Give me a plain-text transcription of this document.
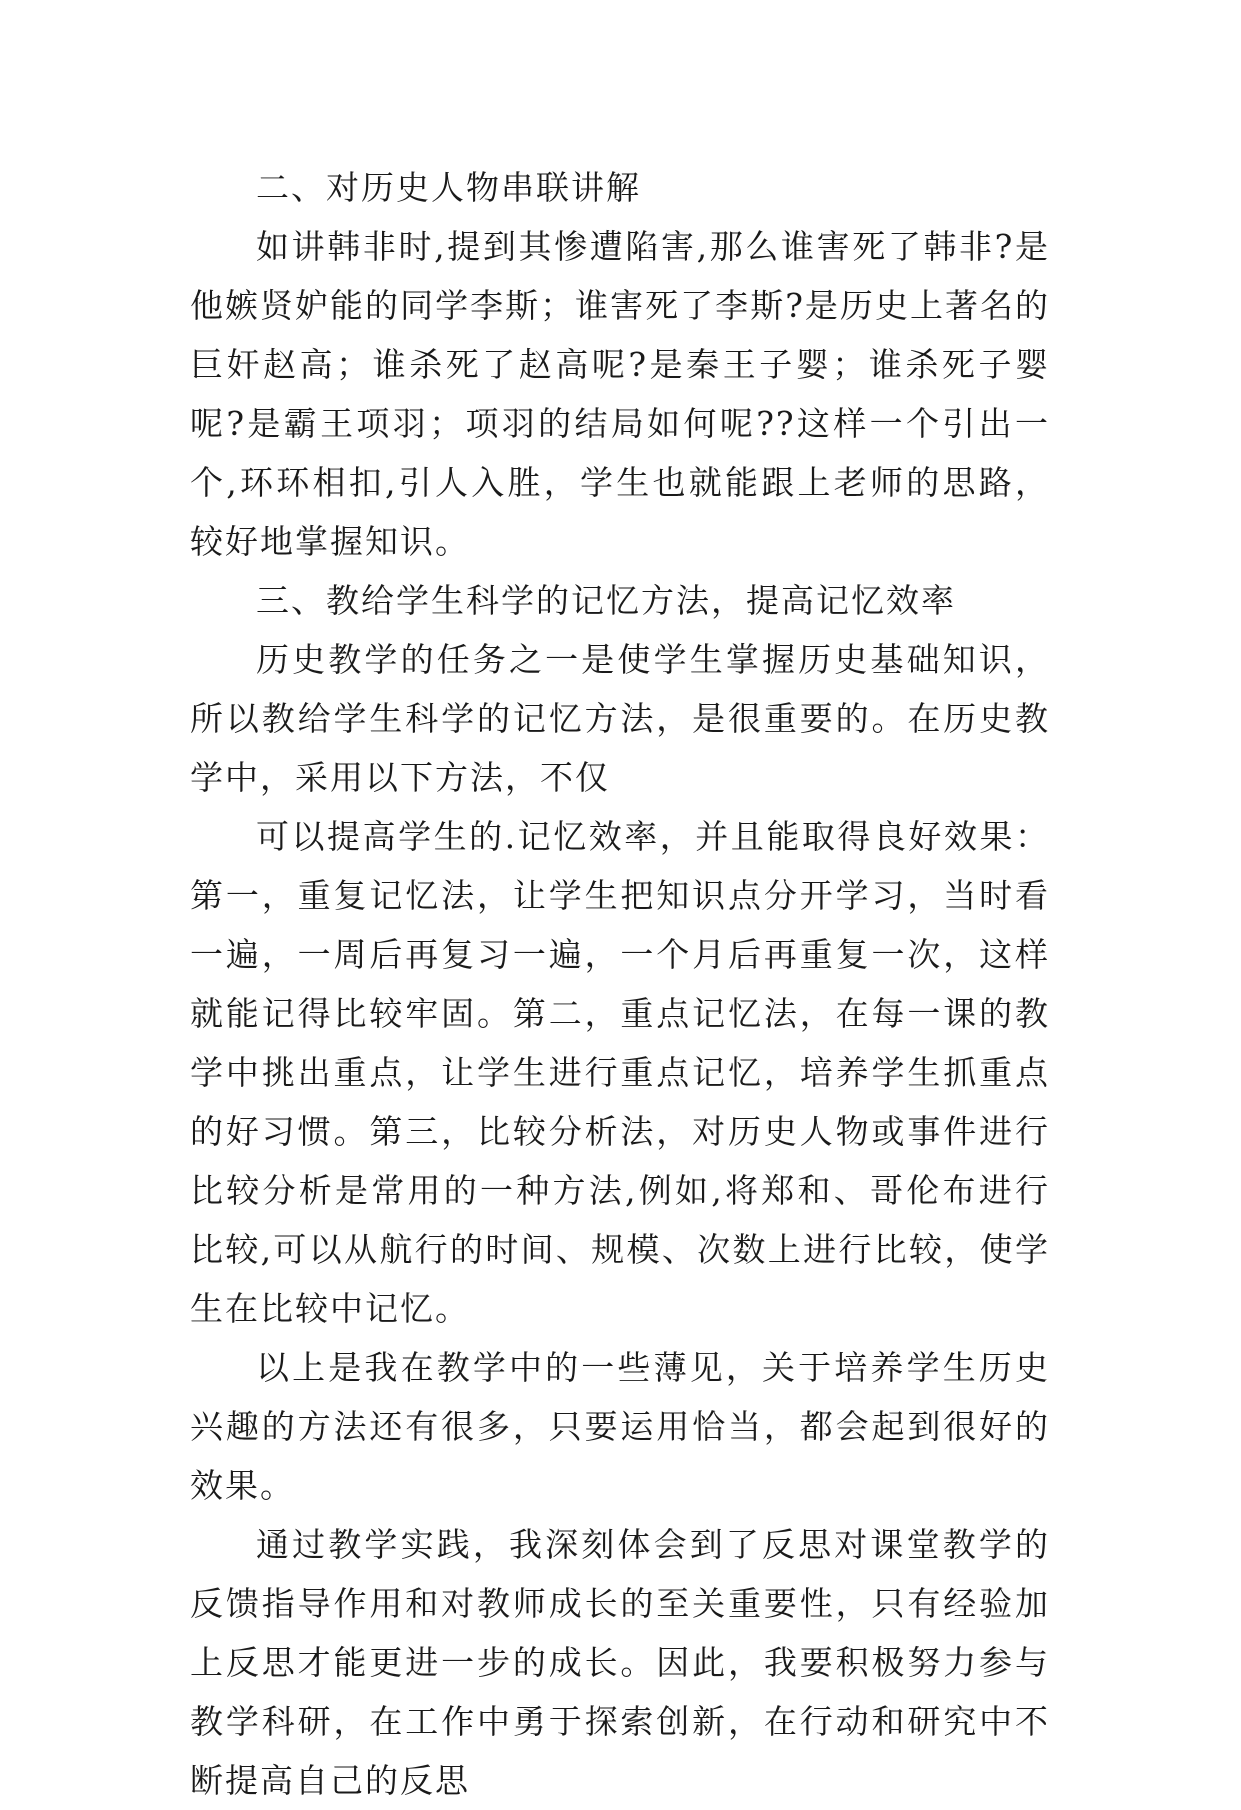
二、对历史人物串联讲解

如讲韩非时,提到其惨遭陷害,那么谁害死了韩非?是他嫉贤妒能的同学李斯；谁害死了李斯?是历史上著名的巨奸赵高；谁杀死了赵高呢?是秦王子婴；谁杀死子婴呢?是霸王项羽；项羽的结局如何呢??这样一个引出一个,环环相扣,引人入胜，学生也就能跟上老师的思路，较好地掌握知识。

三、教给学生科学的记忆方法，提高记忆效率

历史教学的任务之一是使学生掌握历史基础知识，所以教给学生科学的记忆方法，是很重要的。在历史教学中，采用以下方法，不仅

可以提高学生的.记忆效率，并且能取得良好效果：第一，重复记忆法，让学生把知识点分开学习，当时看一遍，一周后再复习一遍，一个月后再重复一次，这样就能记得比较牢固。第二，重点记忆法，在每一课的教学中挑出重点，让学生进行重点记忆，培养学生抓重点的好习惯。第三，比较分析法，对历史人物或事件进行比较分析是常用的一种方法,例如,将郑和、哥伦布进行比较,可以从航行的时间、规模、次数上进行比较，使学生在比较中记忆。

以上是我在教学中的一些薄见，关于培养学生历史兴趣的方法还有很多，只要运用恰当，都会起到很好的效果。

通过教学实践，我深刻体会到了反思对课堂教学的反馈指导作用和对教师成长的至关重要性，只有经验加上反思才能更进一步的成长。因此，我要积极努力参与教学科研，在工作中勇于探索创新，在行动和研究中不断提高自己的反思
